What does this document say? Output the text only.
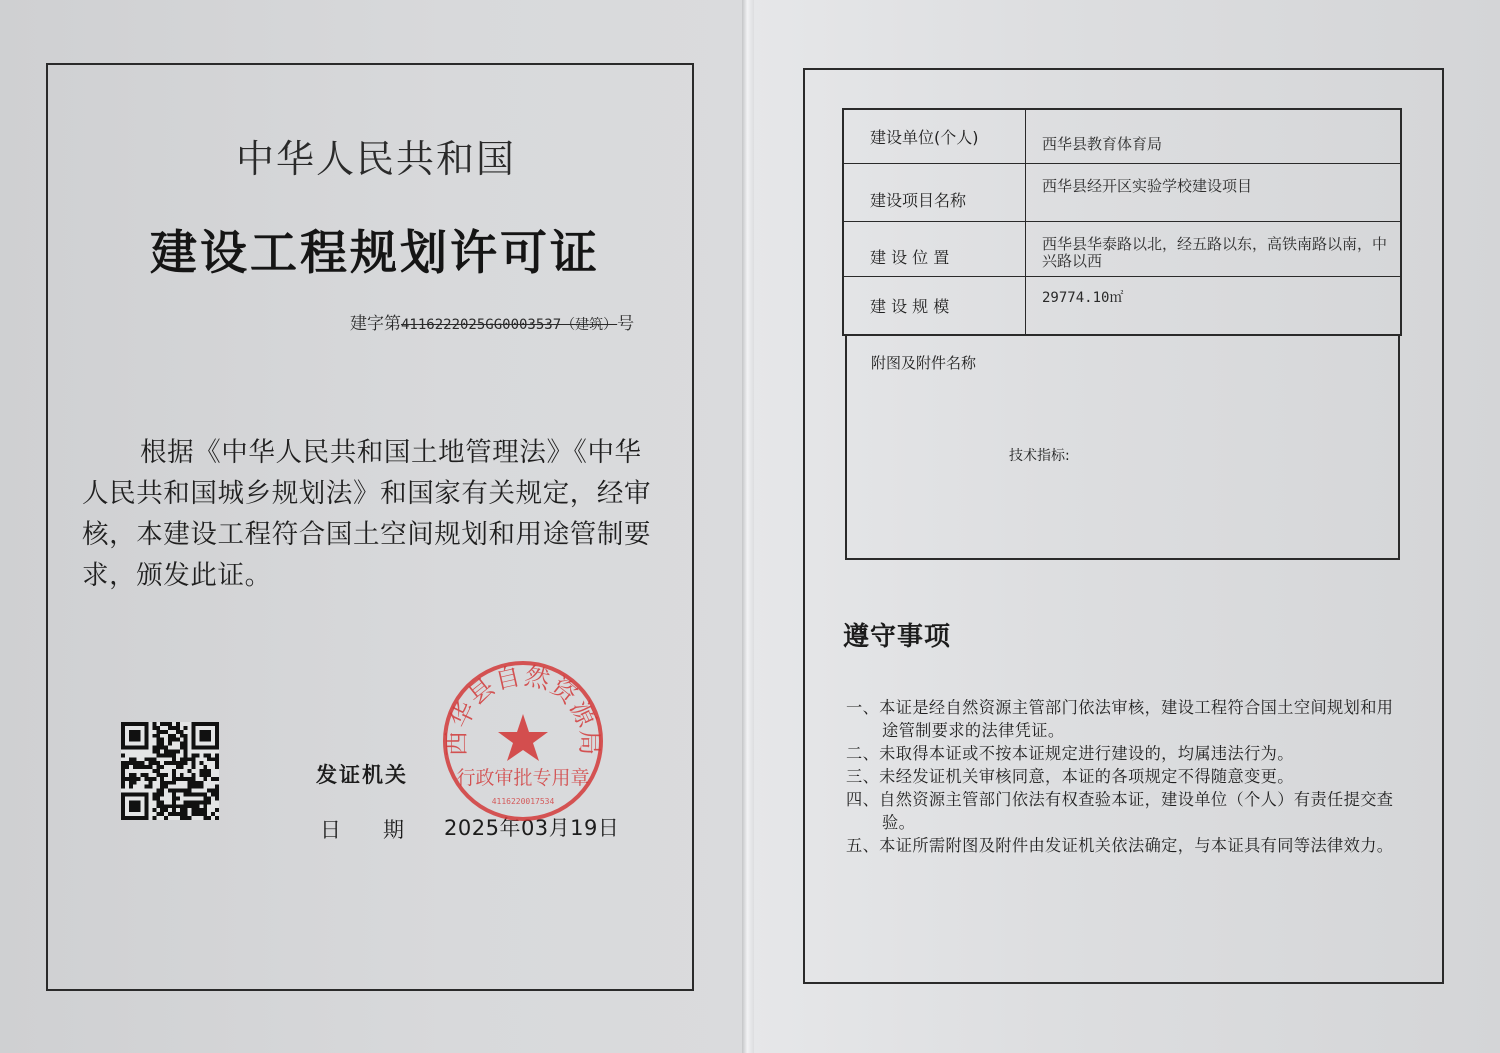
中华人民共和国
建设工程规划许可证
建字第4116222025GG0003537（建筑）号
根据《中华人民共和国土地管理法》《中华人民共和国城乡规划法》和国家有关规定，经审核，本建设工程符合国土空间规划和用途管制要求，颁发此证。
发证机关
日　　期 2025年03月19日
西华县自然资源局
行政审批专用章
4116220017534
建设单位(个人)	西华县教育体育局
建设项目名称
西华县经开区实验学校建设项目
建 设 位 置
西华县华泰路以北，经五路以东，高铁南路以南，中兴路以西
建 设 规 模	29774.10㎡
附图及附件名称
技术指标:
遵守事项
一、本证是经自然资源主管部门依法审核，建设工程符合国土空间规划和用途管制要求的法律凭证。
二、未取得本证或不按本证规定进行建设的，均属违法行为。
三、未经发证机关审核同意，本证的各项规定不得随意变更。
四、自然资源主管部门依法有权查验本证，建设单位（个人）有责任提交查验。
五、本证所需附图及附件由发证机关依法确定，与本证具有同等法律效力。
